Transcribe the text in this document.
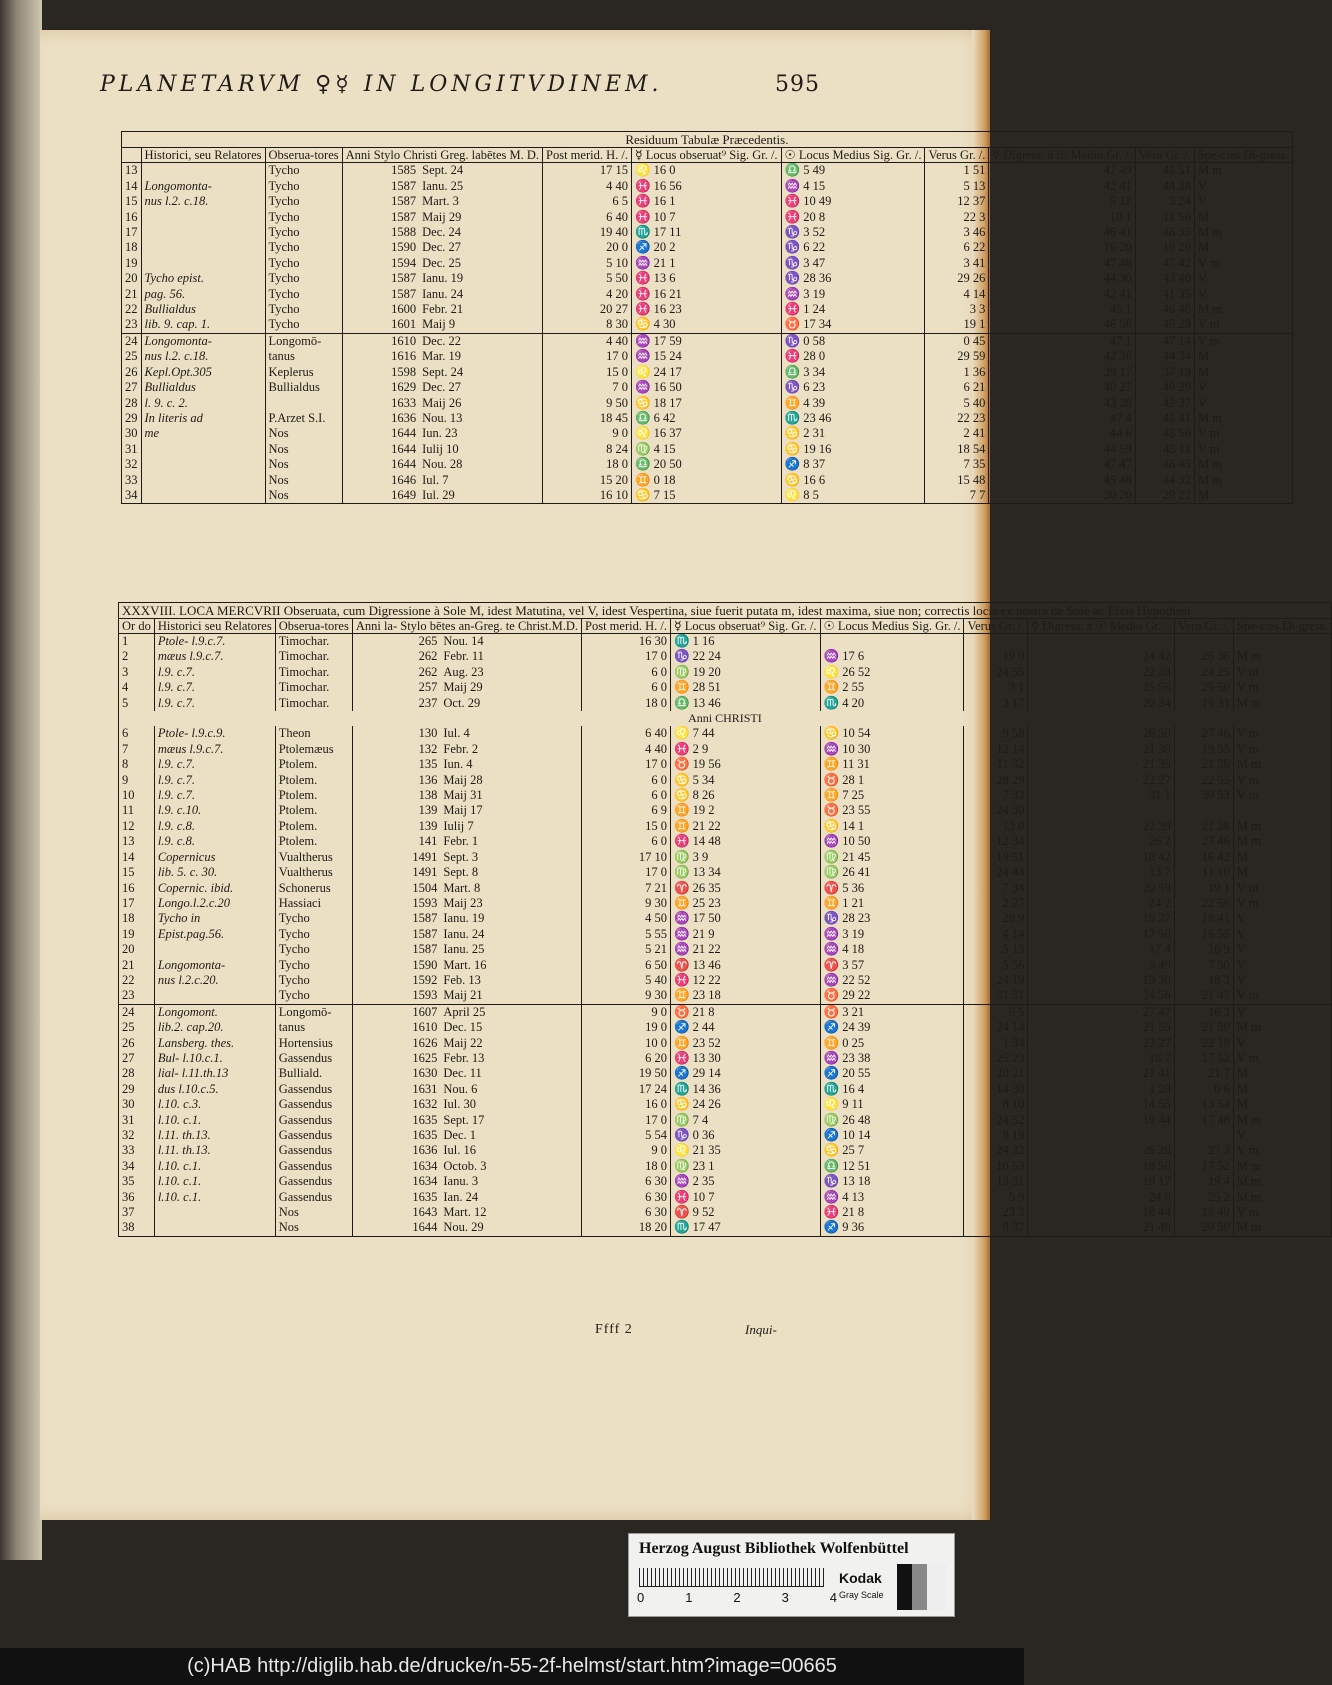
PLANETARVM ♀☿ IN LONGITVDINEM.	595
Residuum Tabulæ Præcedentis.											
	Historici, seu Relatores	Obserua-tores	Anni Stylo Christi Greg. labētes M. D.		Post merid. H. /.	☿ Locus obseruat⁹ Sig. Gr. /.	☉ Locus Medius Sig. Gr. /.	Verus Gr. /.	☿ Digress. à ☉ Medio Gr. /.	Vero Gr. /.	Spe-cies Di-gress.
13		Tycho	1585	Sept. 24	17 15	♌ 16 0	♎ 5 49	1 51	47 49	45 51	M m
14	Longomonta-	Tycho	1587	Ianu. 25	4 40	♓ 16 56	♒ 4 15	5 13	42 41	44 38	V
15	nus l.2. c.18.	Tycho	1587	Mart. 3	6 5	♓ 16 1	♓ 10 49	12 37	5 12	3 24	V
16		Tycho	1587	Maij 29	6 40	♓ 10 7	♓ 20 8	22 3	10 1	11 56	M
17		Tycho	1588	Dec. 24	19 40	♏ 17 11	♑ 3 52	3 46	46 41	46 35	M m
18		Tycho	1590	Dec. 27	20 0	♐ 20 2	♑ 6 22	6 22	16 20	16 20	M
19		Tycho	1594	Dec. 25	5 10	♒ 21 1	♑ 3 47	3 41	47 48	47 42	V m
20	Tycho epist.	Tycho	1587	Ianu. 19	5 50	♓ 13 6	♑ 28 36	29 26	44 30	43 40	V
21	pag. 56.	Tycho	1587	Ianu. 24	4 20	♓ 16 21	♒ 3 19	4 14	42 41	41 35	V
22	Bullialdus	Tycho	1600	Febr. 21	20 27	♓ 16 23	♓ 1 24	3 3	45 1	46 40	M m
23	lib. 9. cap. 1.	Tycho	1601	Maij 9	8 30	♋ 4 30	♉ 17 34	19 1	46 56	45 29	V m
24	Longomonta-	Longomō-	1610	Dec. 22	4 40	♒ 17 59	♑ 0 58	0 45	47 1	47 14	V m
25	nus l.2. c.18.	tanus	1616	Mar. 19	17 0	♒ 15 24	♓ 28 0	29 59	42 36	44 34	M
26	Kepl.Opt.305	Keplerus	1598	Sept. 24	15 0	♌ 24 17	♎ 3 34	1 36	39 17	37 19	M
27	Bullialdus	Bullialdus	1629	Dec. 27	7 0	♒ 16 50	♑ 6 23	6 21	40 27	40 29	V
28	l. 9. c. 2.		1633	Maij 26	9 50	♋ 18 17	♊ 4 39	5 40	43 38	42 37	V
29	In literis ad	P.Arzet S.I.	1636	Nou. 13	18 45	♎ 6 42	♏ 23 46	22 23	47 4	45 41	M m
30	me	Nos	1644	Iun. 23	9 0	♌ 16 37	♋ 2 31	2 41	44 6	43 56	V m
31		Nos	1644	Iulij 10	8 24	♍ 4 15	♋ 19 16	18 54	44 59	45 11	V m
32		Nos	1644	Nou. 28	18 0	♎ 20 50	♐ 8 37	7 35	47 47	46 45	M m
33		Nos	1646	Iul. 7	15 20	♊ 0 18	♋ 16 6	15 48	45 48	44 32	M m
34		Nos	1649	Iul. 29	16 10	♋ 7 15	♌ 8 5	7 7	30 20	29 22	M
XXXVIII. LOCA MERCVRII Obseruata, cum Digressione à Sole M, idest Matutina, vel V, idest Vespertina, siue fuerit putata m, idest maxima, siue non; correctis locis ex nostra de Sole ac Fixis Hypothesi.											
Or do	Historici seu Relatores	Obserua-tores	Anni la- Stylo bētes an-Greg. te Christ.M.D.		Post merid. H. /.	☿ Locus obseruat⁹ Sig. Gr. /.	☉ Locus Medius Sig. Gr. /.	Verus Gr. /.	☿ Digress. à ☉ Medio Gr. /.	Vero Gr. /.	Spe-cies Di-gress.
1	Ptole- l.9.c.7.	Timochar.	265	Nou. 14	16 30	♏ 1 16					
2	mæus l.9.c.7.	Timochar.	262	Febr. 11	17 0	♑ 22 24	♒ 17 6	19 0	24 42	26 36	M m
3	l.9. c.7.	Timochar.	262	Aug. 23	6 0	♍ 19 20	♌ 26 52	24 55	22 28	24 25	V m
4	l.9. c.7.	Timochar.	257	Maij 29	6 0	♊ 28 51	♊ 2 55	3 1	25 56	25 50	V m
5	l.9. c.7.	Timochar.	237	Oct. 29	18 0	♎ 13 46	♏ 4 20	3 17	20 34	19 31	M m
Anni CHRISTI											
6	Ptole- l.9.c.9.	Theon	130	Iul. 4	6 40	♌ 7 44	♋ 10 54	9 58	26 50	27 46	V m
7	mæus l.9.c.7.	Ptolemæus	132	Febr. 2	4 40	♓ 2 9	♒ 10 30	12 14	21 39	19 55	V m
8	l.9. c.7.	Ptolem.	135	Iun. 4	17 0	♉ 19 56	♊ 11 31	11 32	21 35	21 36	M m
9	l.9. c.7.	Ptolem.	136	Maij 28	6 0	♋ 5 34	♉ 28 1	28 29	22 27	22 55	V m
10	l.9. c.7.	Ptolem.	138	Maij 31	6 0	♋ 8 26	♊ 7 25	7 33	31 1	30 53	V m
11	l.9. c.10.	Ptolem.	139	Maij 17	6 9	♊ 19 2	♉ 23 55	24 30			
12	l.9. c.8.	Ptolem.	139	Iulij 7	15 0	♊ 21 22	♋ 14 1	13 0	22 39	21 38	M m
13	l.9. c.8.	Ptolem.	141	Febr. 1	6 0	♓ 14 48	♒ 10 50	12 34	26 2	27 46	M m
14	Copernicus	Vualtherus	1491	Sept. 3	17 10	♍ 3 9	♍ 21 45	19 51	18 42	16 42	M
15	lib. 5. c. 30.	Vualtherus	1491	Sept. 8	17 0	♍ 13 34	♍ 26 41	24 44	13 7	11 10	M
16	Copernic. ibid.	Schonerus	1504	Mart. 8	7 21	♈ 26 35	♈ 5 36	7 34	20 59	19 1	V m
17	Longo.l.2.c.20	Hassiaci	1593	Maij 23	9 30	♊ 25 23	♊ 1 21	2 27	24 2	22 56	V m
18	Tycho in	Tycho	1587	Ianu. 19	4 50	♒ 17 50	♑ 28 23	29 9	19 27	18 41	V
19	Epist.pag.56.	Tycho	1587	Ianu. 24	5 55	♒ 21 9	♒ 3 19	4 14	17 50	16 55	V
20		Tycho	1587	Ianu. 25	5 21	♒ 21 22	♒ 4 18	5 13	17 4	16 9	V
21	Longomonta-	Tycho	1590	Mart. 16	6 50	♈ 13 46	♈ 3 57	5 56	9 49	7 50	V
22	nus l.2.c.20.	Tycho	1592	Feb. 13	5 40	♓ 12 22	♒ 22 52	24 19	19 30	18 3	V
23		Tycho	1593	Maij 21	9 30	♊ 23 18	♉ 29 22	31 31	24 56	21 47	V m
24	Longomont.	Longomō-	1607	April 25	9 0	♉ 21 8	♉ 3 21	5 5	27 47	16 3	V
25	lib.2. cap.20.	tanus	1610	Dec. 15	19 0	♐ 2 44	♐ 24 39	24 14	21 55	21 30	M m
26	Lansberg. thes.	Hortensius	1626	Maij 22	10 0	♊ 23 52	♊ 0 25	1 34	23 27	22 18	V
27	Bul- l.10.c.1.	Gassendus	1625	Febr. 13	6 20	♓ 13 30	♒ 23 38	25 23	18 7	17 52	V m
28	lial- l.11.th.13	Bulliald.	1630	Dec. 11	19 50	♐ 29 14	♐ 20 55	20 21	21 41	21 7	M
29	dus l.10.c.5.	Gassendus	1631	Nou. 6	17 24	♏ 14 36	♏ 16 4	14 30	1 28	0 6	M
30	l.10. c.3.	Gassendus	1632	Iul. 30	16 0	♋ 24 26	♌ 9 11	8 10	14 55	13 54	M
31	l.10. c.1.	Gassendus	1635	Sept. 17	17 0	♍ 7 4	♍ 26 48	24 52	19 44	17 48	M m
32	l.11. th.13.	Gassendus	1635	Dec. 1	5 54	♑ 0 36	♐ 10 14	9 19			V
33	l.11. th.13.	Gassendus	1636	Iul. 16	9 0	♌ 21 35	♋ 25 7	24 32	26 28	27 3	V m
34	l.10. c.1.	Gassendus	1634	Octob. 3	18 0	♍ 23 1	♎ 12 51	10 53	18 50	17 52	M m
35	l.10. c.1.	Gassendus	1634	Ianu. 3	6 30	♒ 2 35	♑ 13 18	13 31	19 17	19 4	M m
36	l.10. c.1.	Gassendus	1635	Ian. 24	6 30	♓ 10 7	♒ 4 13	5 9	24 6	25 2	M m
37		Nos	1643	Mart. 12	6 30	♈ 9 52	♓ 21 8	23 3	18 44	16 49	V m
38		Nos	1644	Nou. 29	18 20	♏ 17 47	♐ 9 36	8 37	21 49	20 50	M m
Ffff 2	Inqui-
Herzog August Bibliothek Wolfenbüttel
0	1	2	3	4
Kodak
Gray Scale
(c)HAB http://diglib.hab.de/drucke/n-55-2f-helmst/start.htm?image=00665
